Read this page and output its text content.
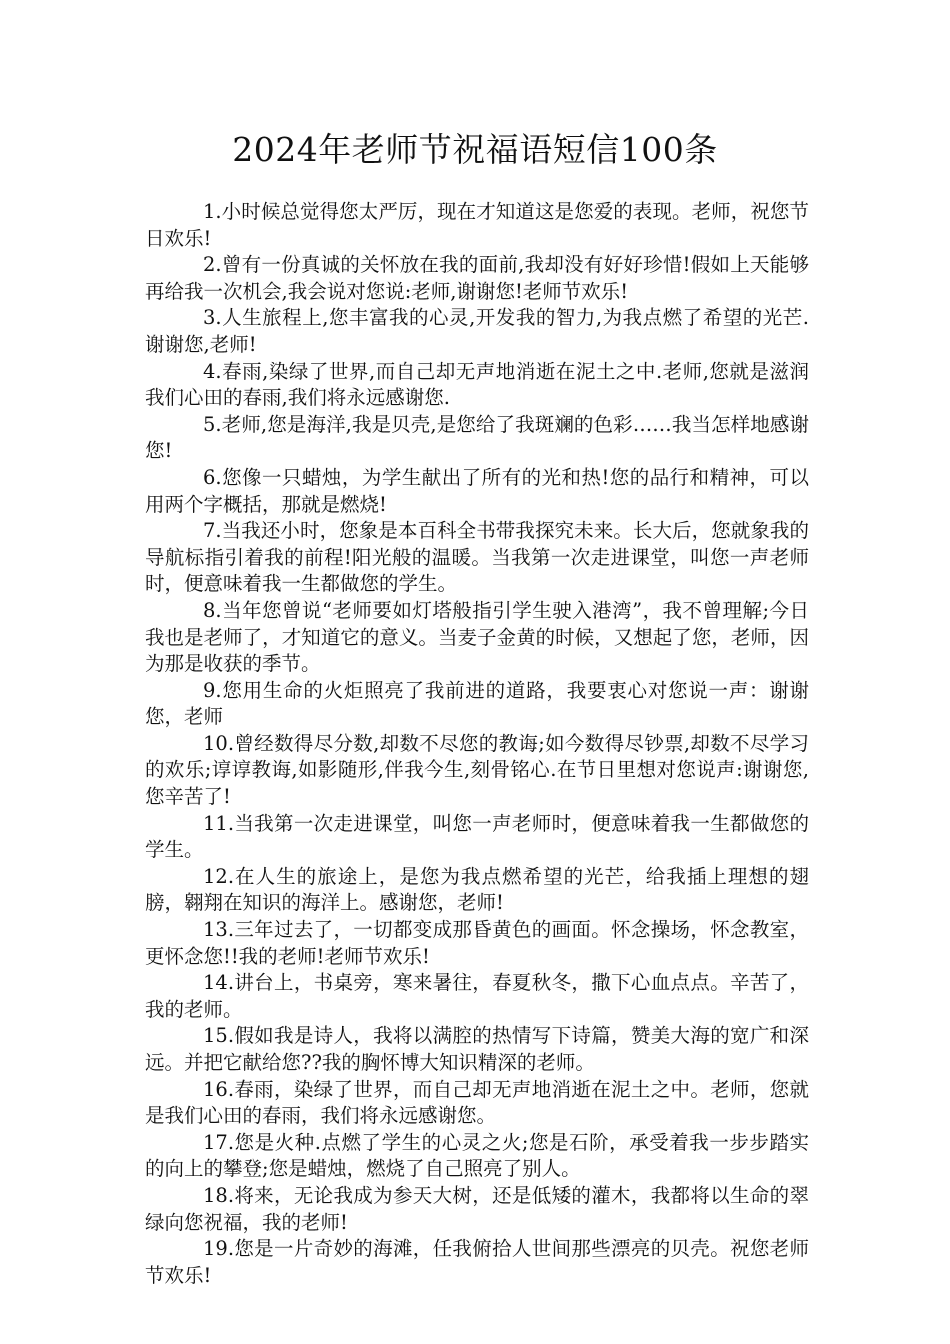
2024年老师节祝福语短信100条

1.小时候总觉得您太严厉，现在才知道这是您爱的表现。老师，祝您节日欢乐!

2.曾有一份真诚的关怀放在我的面前,我却没有好好珍惜!假如上天能够再给我一次机会,我会说对您说:老师,谢谢您!老师节欢乐!

3.人生旅程上,您丰富我的心灵,开发我的智力,为我点燃了希望的光芒.谢谢您,老师!

4.春雨,染绿了世界,而自己却无声地消逝在泥土之中.老师,您就是滋润我们心田的春雨,我们将永远感谢您.

5.老师,您是海洋,我是贝壳,是您给了我斑斓的色彩……我当怎样地感谢您!

6.您像一只蜡烛，为学生献出了所有的光和热!您的品行和精神，可以用两个字概括，那就是燃烧!

7.当我还小时，您象是本百科全书带我探究未来。长大后，您就象我的导航标指引着我的前程!阳光般的温暖。当我第一次走进课堂，叫您一声老师时，便意味着我一生都做您的学生。

8.当年您曾说“老师要如灯塔般指引学生驶入港湾”，我不曾理解;今日我也是老师了，才知道它的意义。当麦子金黄的时候，又想起了您，老师，因为那是收获的季节。

9.您用生命的火炬照亮了我前进的道路，我要衷心对您说一声：谢谢您，老师

10.曾经数得尽分数,却数不尽您的教诲;如今数得尽钞票,却数不尽学习的欢乐;谆谆教诲,如影随形,伴我今生,刻骨铭心.在节日里想对您说声:谢谢您,您辛苦了!

11.当我第一次走进课堂，叫您一声老师时，便意味着我一生都做您的学生。

12.在人生的旅途上，是您为我点燃希望的光芒，给我插上理想的翅膀，翱翔在知识的海洋上。感谢您，老师!

13.三年过去了，一切都变成那昏黄色的画面。怀念操场，怀念教室，更怀念您!!我的老师!老师节欢乐!

14.讲台上，书桌旁，寒来暑往，春夏秋冬，撒下心血点点。辛苦了，我的老师。

15.假如我是诗人，我将以满腔的热情写下诗篇，赞美大海的宽广和深远。并把它献给您??我的胸怀博大知识精深的老师。

16.春雨，染绿了世界，而自己却无声地消逝在泥土之中。老师，您就是我们心田的春雨，我们将永远感谢您。

17.您是火种.点燃了学生的心灵之火;您是石阶，承受着我一步步踏实的向上的攀登;您是蜡烛，燃烧了自己照亮了别人。

18.将来，无论我成为参天大树，还是低矮的灌木，我都将以生命的翠绿向您祝福，我的老师!

19.您是一片奇妙的海滩，任我俯拾人世间那些漂亮的贝壳。祝您老师节欢乐!
